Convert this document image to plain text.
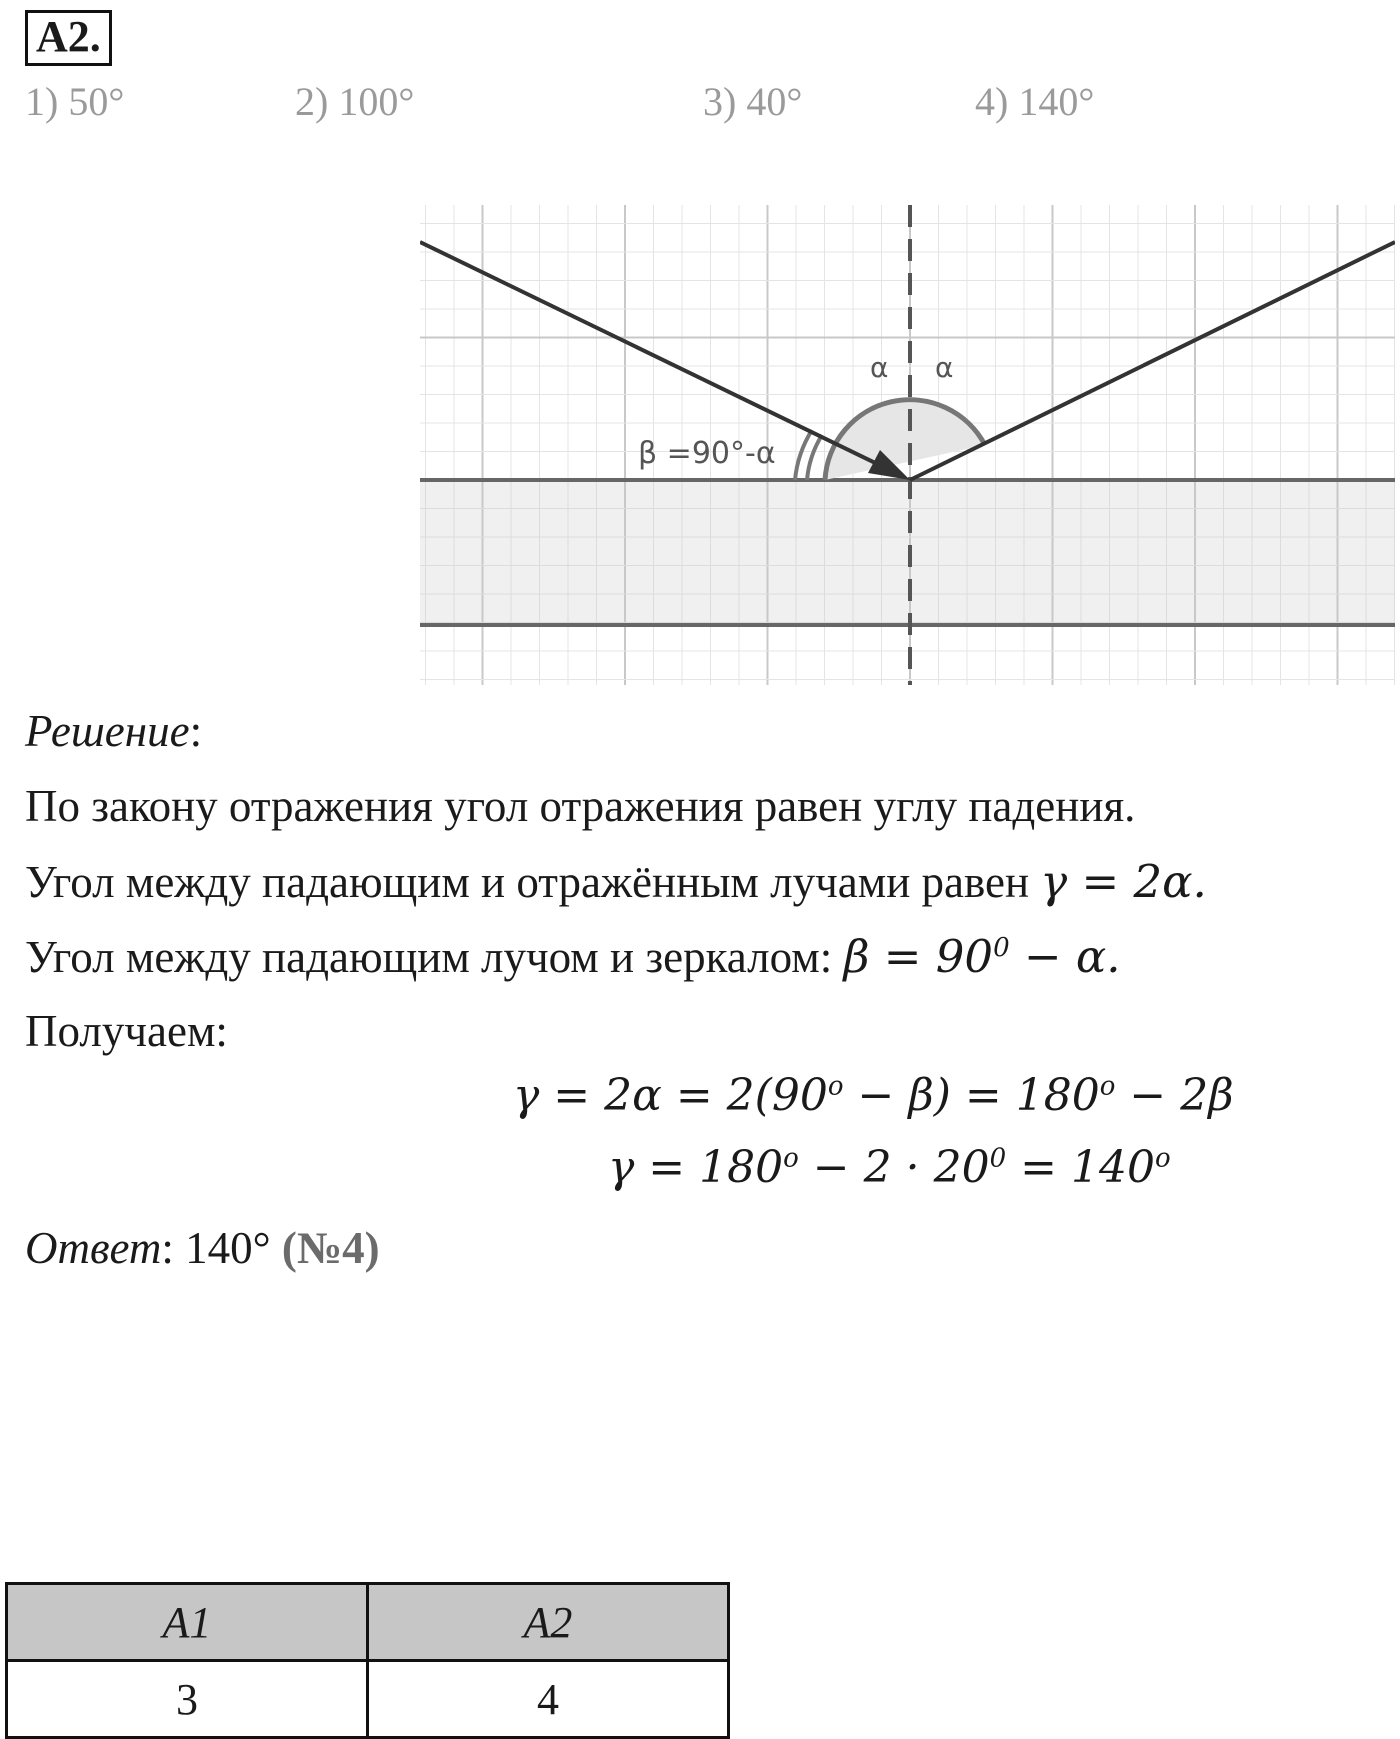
A2.
1) 50°	2) 100°	3) 40°	4) 140°
α α
β =90°-α
Решение:
По закону отражения угол отражения равен углу падения.
Угол между падающим и отражённым лучами равен γ = 2α.
Угол между падающим лучом и зеркалом: $\beta = 90^0 - \alpha$.
Получаем:
$\gamma = 2\alpha = 2(90^o - \beta) = 180^o - 2\beta$
$\gamma = 180^o - 2 \cdot 20^0 = 140^o$
Ответ: 140° (№4)
A1	A2
3	4
